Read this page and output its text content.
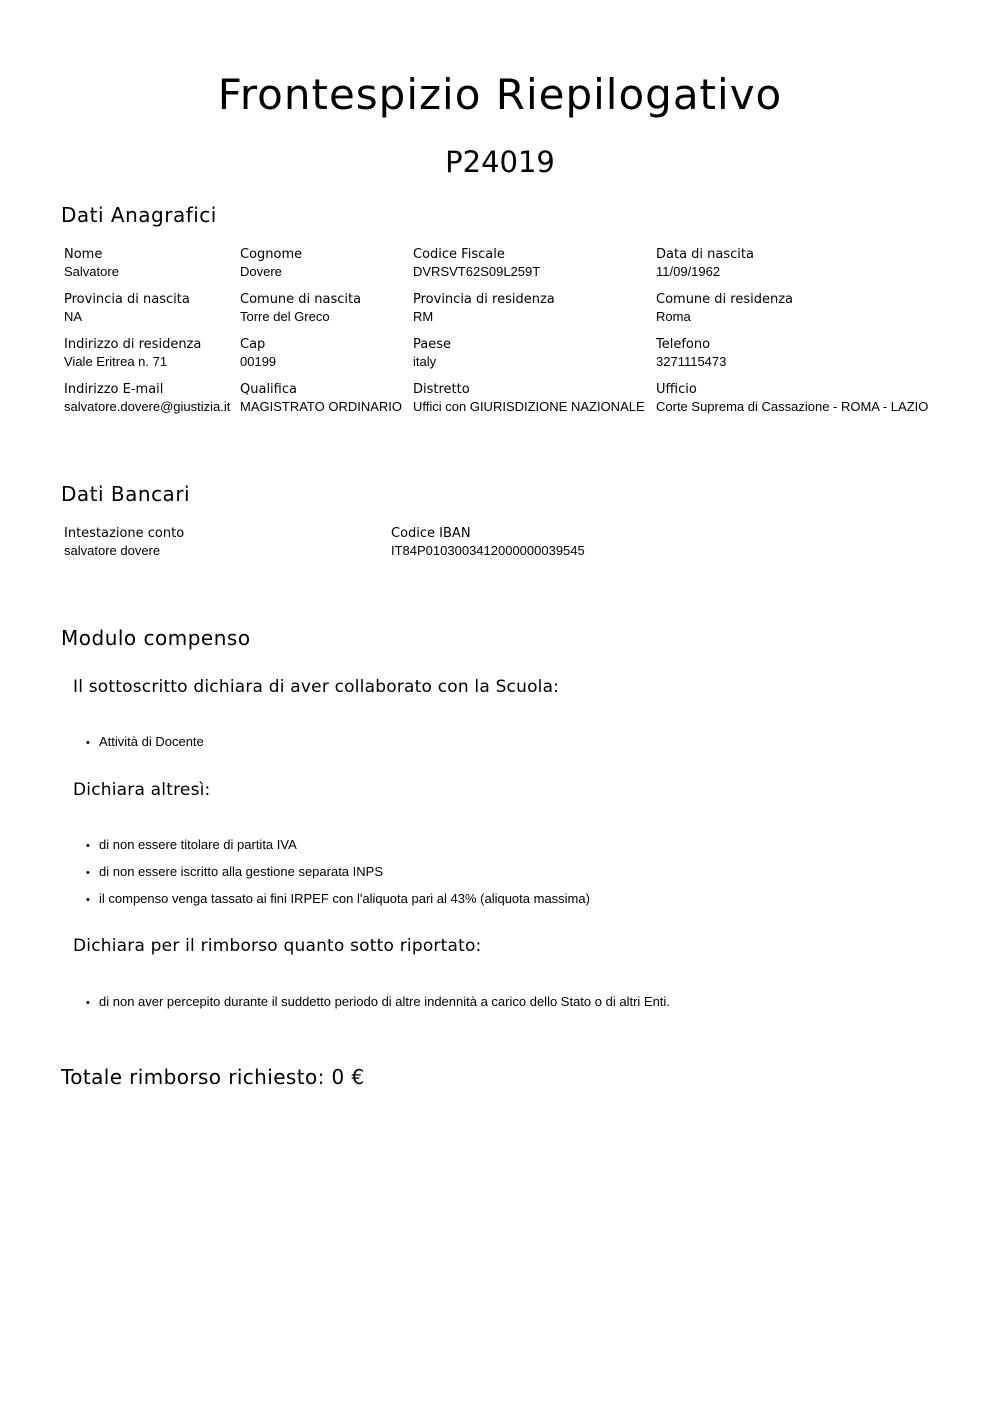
Frontespizio Riepilogativo
P24019
Dati Anagrafici
Nome
Salvatore
Cognome
Dovere
Codice Fiscale
DVRSVT62S09L259T
Data di nascita
11/09/1962
Provincia di nascita
NA
Comune di nascita
Torre del Greco
Provincia di residenza
RM
Comune di residenza
Roma
Indirizzo di residenza
Viale Eritrea n. 71
Cap
00199
Paese
italy
Telefono
3271115473
Indirizzo E-mail
salvatore.dovere@giustizia.it
Qualifica
MAGISTRATO ORDINARIO
Distretto
Uffici con GIURISDIZIONE NAZIONALE
Ufficio
Corte Suprema di Cassazione - ROMA - LAZIO
Dati Bancari
Intestazione conto
salvatore dovere
Codice IBAN
IT84P0103003412000000039545
Modulo compenso
Il sottoscritto dichiara di aver collaborato con la Scuola:
• Attività di Docente
Dichiara altresì:
• di non essere titolare di partita IVA
• di non essere iscritto alla gestione separata INPS
• il compenso venga tassato ai fini IRPEF con l'aliquota pari al 43% (aliquota massima)
Dichiara per il rimborso quanto sotto riportato:
• di non aver percepito durante il suddetto periodo di altre indennità a carico dello Stato o di altri Enti.
Totale rimborso richiesto: 0 €
